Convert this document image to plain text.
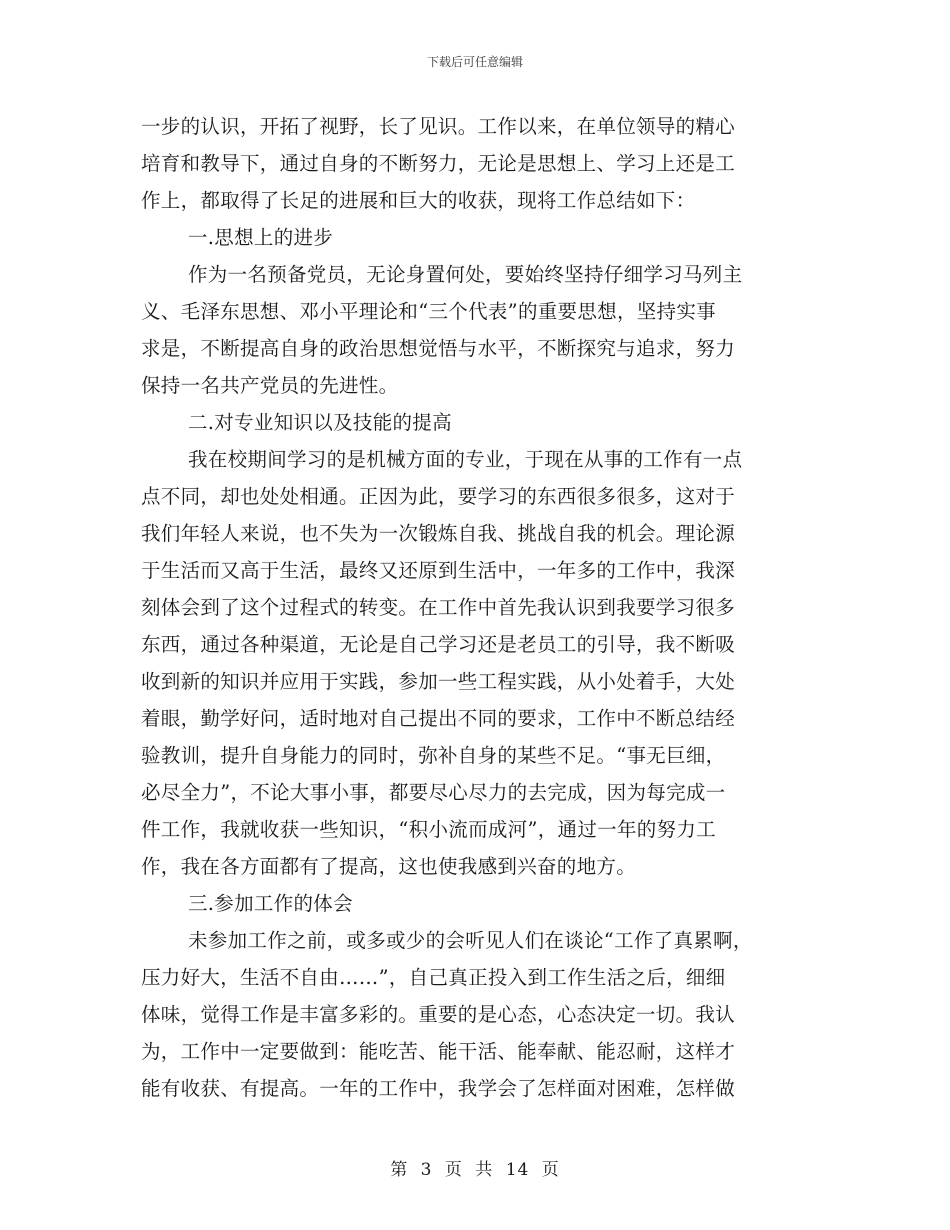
下载后可任意编辑
一步的认识，开拓了视野，长了见识。工作以来，在单位领导的精心
培育和教导下，通过自身的不断努力，无论是思想上、学习上还是工
作上，都取得了长足的进展和巨大的收获，现将工作总结如下：
一.思想上的进步
作为一名预备党员，无论身置何处，要始终坚持仔细学习马列主
义、毛泽东思想、邓小平理论和“三个代表”的重要思想，坚持实事
求是，不断提高自身的政治思想觉悟与水平，不断探究与追求，努力
保持一名共产党员的先进性。
二.对专业知识以及技能的提高
我在校期间学习的是机械方面的专业，于现在从事的工作有一点
点不同，却也处处相通。正因为此，要学习的东西很多很多，这对于
我们年轻人来说，也不失为一次锻炼自我、挑战自我的机会。理论源
于生活而又高于生活，最终又还原到生活中，一年多的工作中，我深
刻体会到了这个过程式的转变。在工作中首先我认识到我要学习很多
东西，通过各种渠道，无论是自己学习还是老员工的引导，我不断吸
收到新的知识并应用于实践，参加一些工程实践，从小处着手，大处
着眼，勤学好问，适时地对自己提出不同的要求，工作中不断总结经
验教训，提升自身能力的同时，弥补自身的某些不足。“事无巨细，
必尽全力”，不论大事小事，都要尽心尽力的去完成，因为每完成一
件工作，我就收获一些知识，“积小流而成河”，通过一年的努力工
作，我在各方面都有了提高，这也使我感到兴奋的地方。
三.参加工作的体会
未参加工作之前，或多或少的会听见人们在谈论“工作了真累啊，
压力好大，生活不自由……”，自己真正投入到工作生活之后，细细
体味，觉得工作是丰富多彩的。重要的是心态，心态决定一切。我认
为，工作中一定要做到：能吃苦、能干活、能奉献、能忍耐，这样才
能有收获、有提高。一年的工作中，我学会了怎样面对困难，怎样做
第 3 页 共 14 页
